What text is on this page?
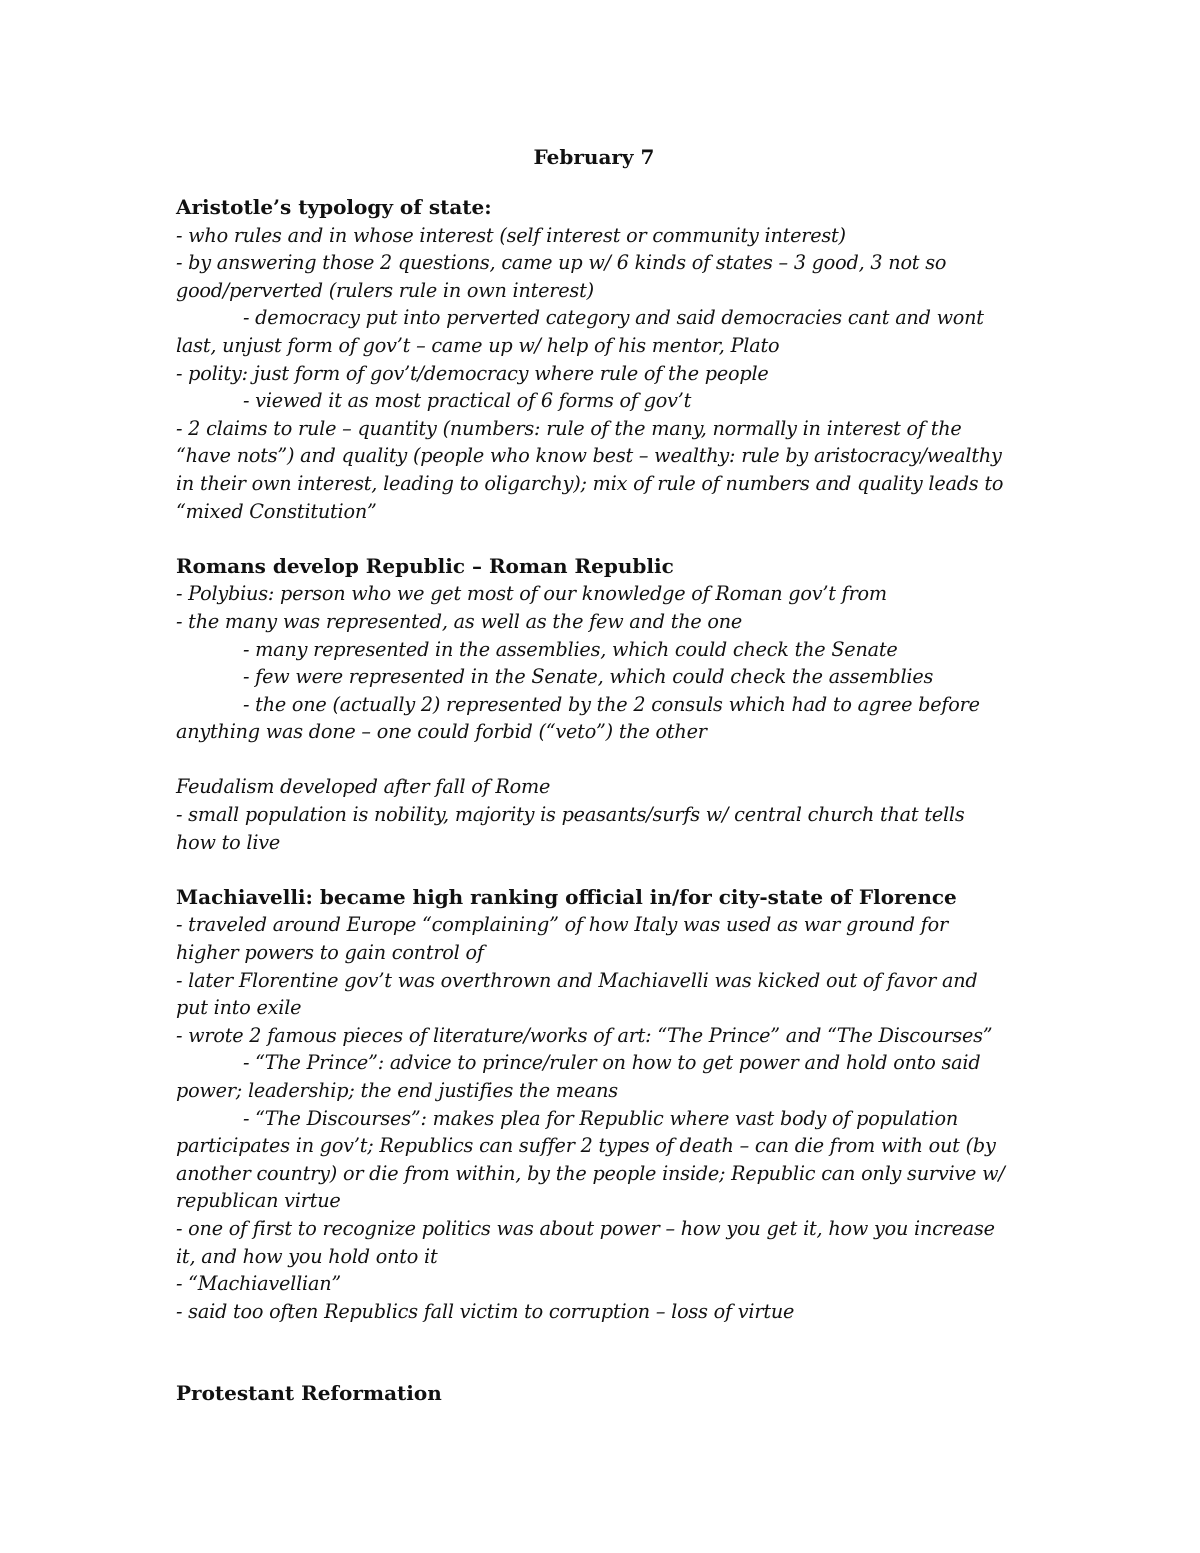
February 7

Aristotle’s typology of state:

- who rules and in whose interest (self interest or community interest)

- by answering those 2 questions, came up w/ 6 kinds of states – 3 good, 3 not so

good/perverted (rulers rule in own interest)

- democracy put into perverted category and said democracies cant and wont

last, unjust form of gov’t – came up w/ help of his mentor, Plato

- polity: just form of gov’t/democracy where rule of the people

- viewed it as most practical of 6 forms of gov’t

- 2 claims to rule – quantity (numbers: rule of the many, normally in interest of the

“have nots”) and quality (people who know best – wealthy: rule by aristocracy/wealthy

in their own interest, leading to oligarchy); mix of rule of numbers and quality leads to

“mixed Constitution”

Romans develop Republic – Roman Republic

- Polybius: person who we get most of our knowledge of Roman gov’t from

- the many was represented, as well as the few and the one

- many represented in the assemblies, which could check the Senate

- few were represented in the Senate, which could check the assemblies

- the one (actually 2) represented by the 2 consuls which had to agree before

anything was done – one could forbid (“veto”) the other

Feudalism developed after fall of Rome

- small population is nobility, majority is peasants/surfs w/ central church that tells

how to live

Machiavelli: became high ranking official in/for city-state of Florence

- traveled around Europe “complaining” of how Italy was used as war ground for

higher powers to gain control of

- later Florentine gov’t was overthrown and Machiavelli was kicked out of favor and

put into exile

- wrote 2 famous pieces of literature/works of art: “The Prince” and “The Discourses”

- “The Prince”: advice to prince/ruler on how to get power and hold onto said

power; leadership; the end justifies the means

- “The Discourses”: makes plea for Republic where vast body of population

participates in gov’t; Republics can suffer 2 types of death – can die from with out (by

another country) or die from within, by the people inside; Republic can only survive w/

republican virtue

- one of first to recognize politics was about power – how you get it, how you increase

it, and how you hold onto it

- “Machiavellian”

- said too often Republics fall victim to corruption – loss of virtue

Protestant Reformation
